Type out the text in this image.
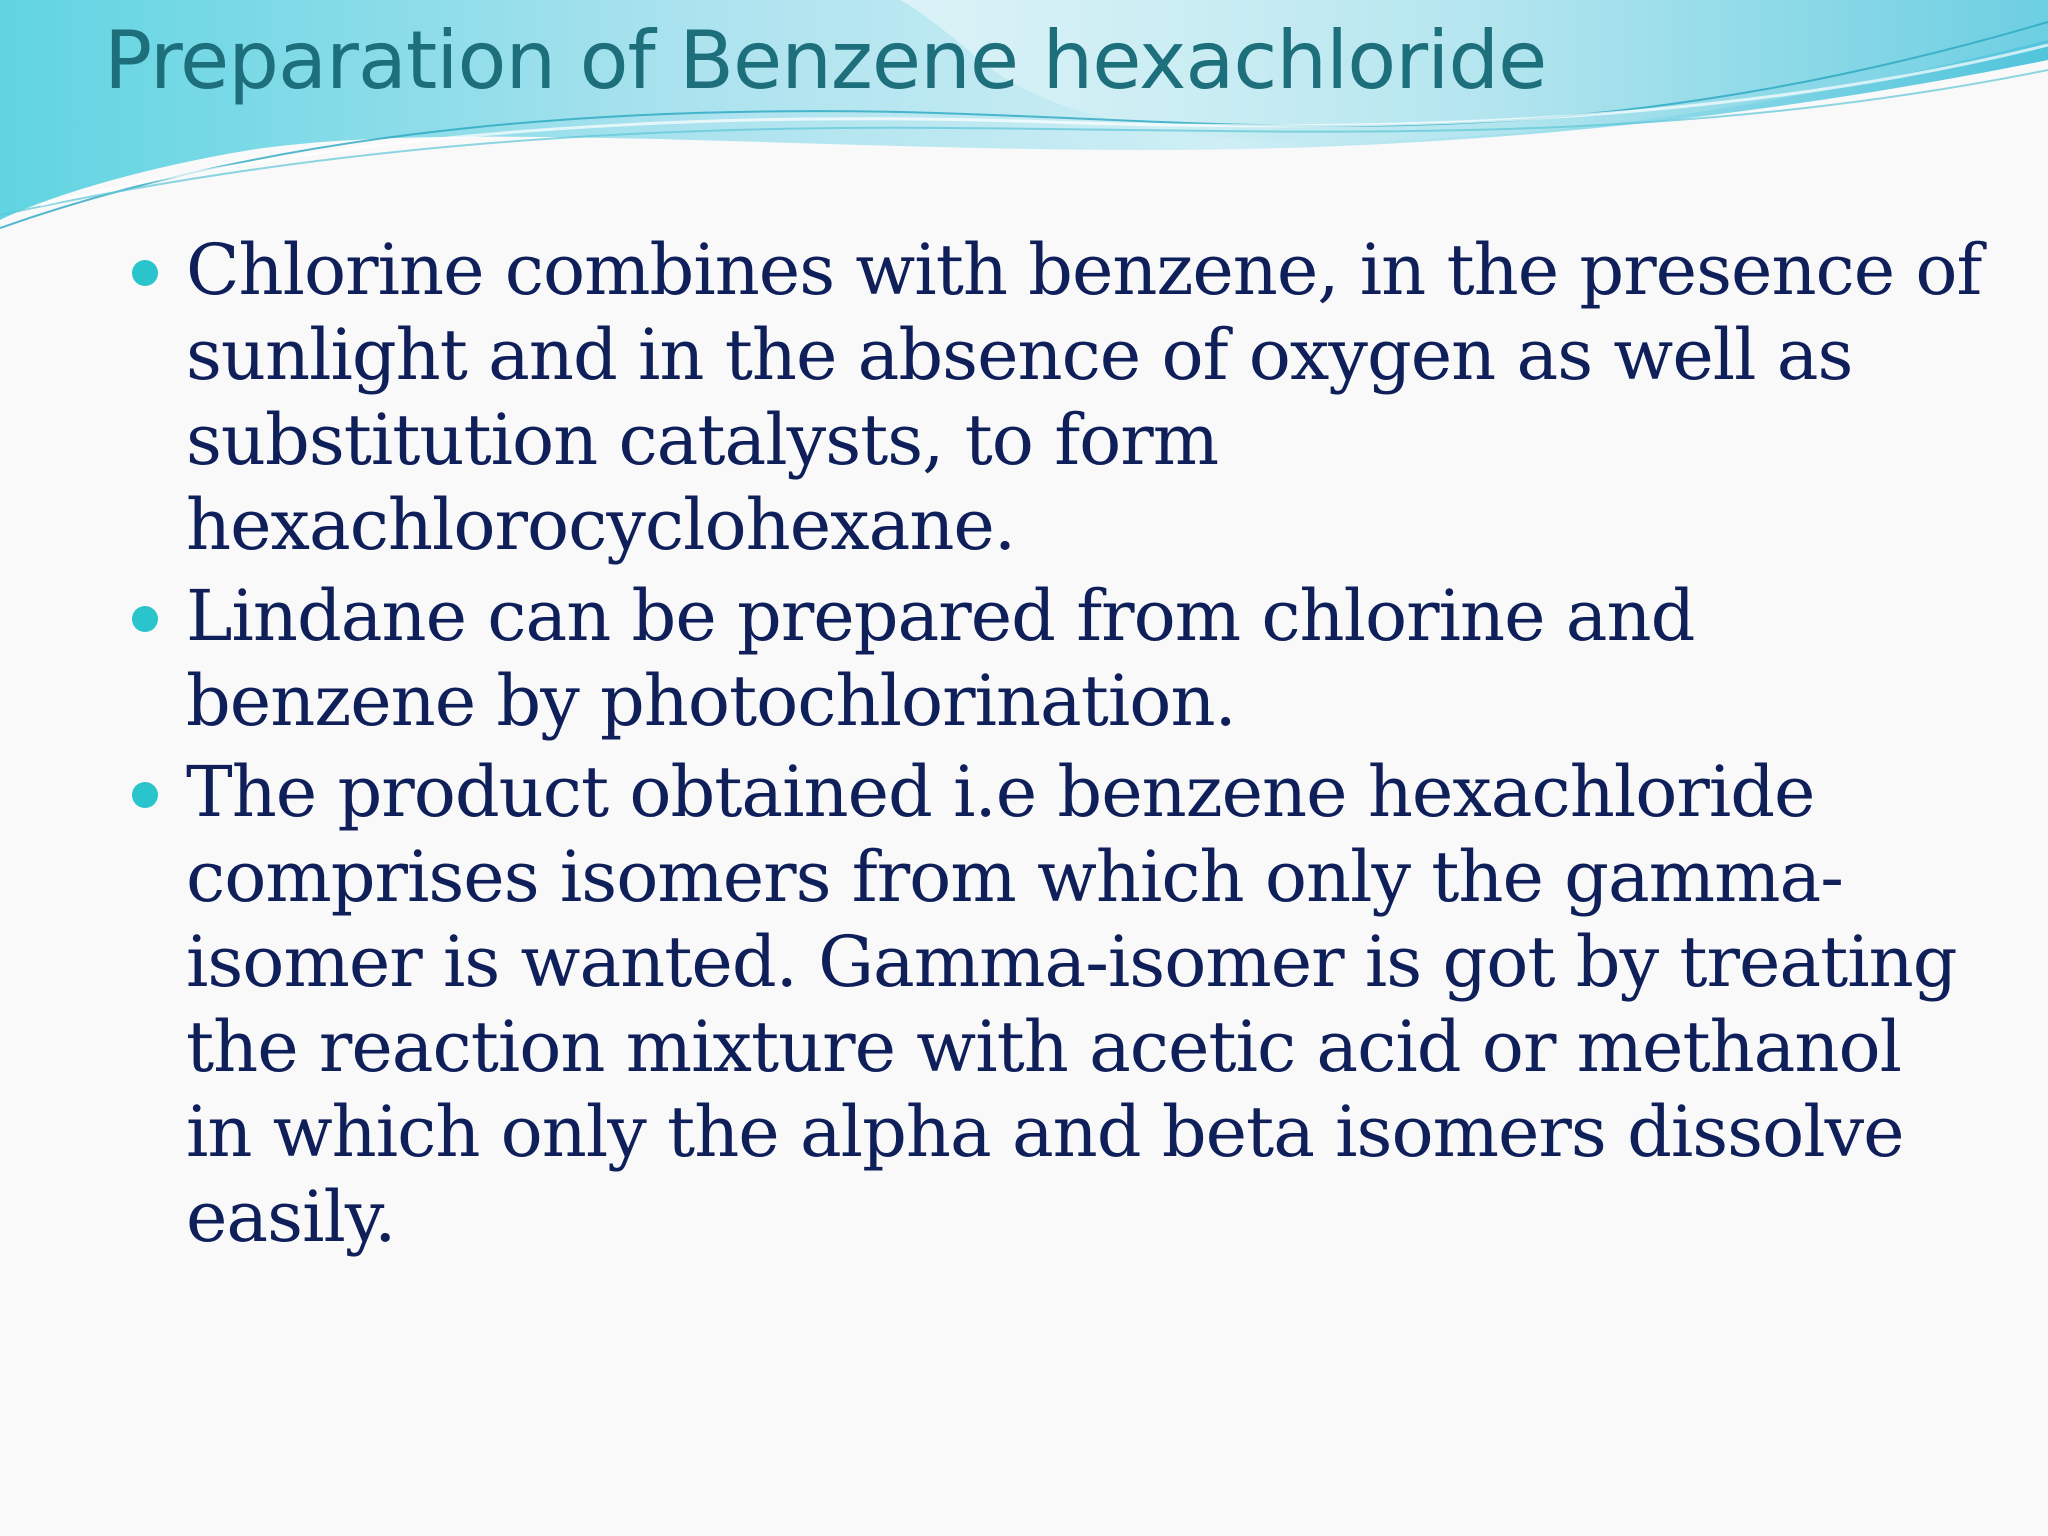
Preparation of Benzene hexachloride
Chlorine combines with benzene, in the presence of sunlight and in the absence of oxygen as well as substitution catalysts, to form hexachlorocyclohexane.
Lindane can be prepared from chlorine and benzene by photochlorination.
The product obtained i.e benzene hexachloride comprises isomers from which only the gamma-isomer is wanted. Gamma-isomer is got by treating the reaction mixture with acetic acid or methanol in which only the alpha and beta isomers dissolve easily.
